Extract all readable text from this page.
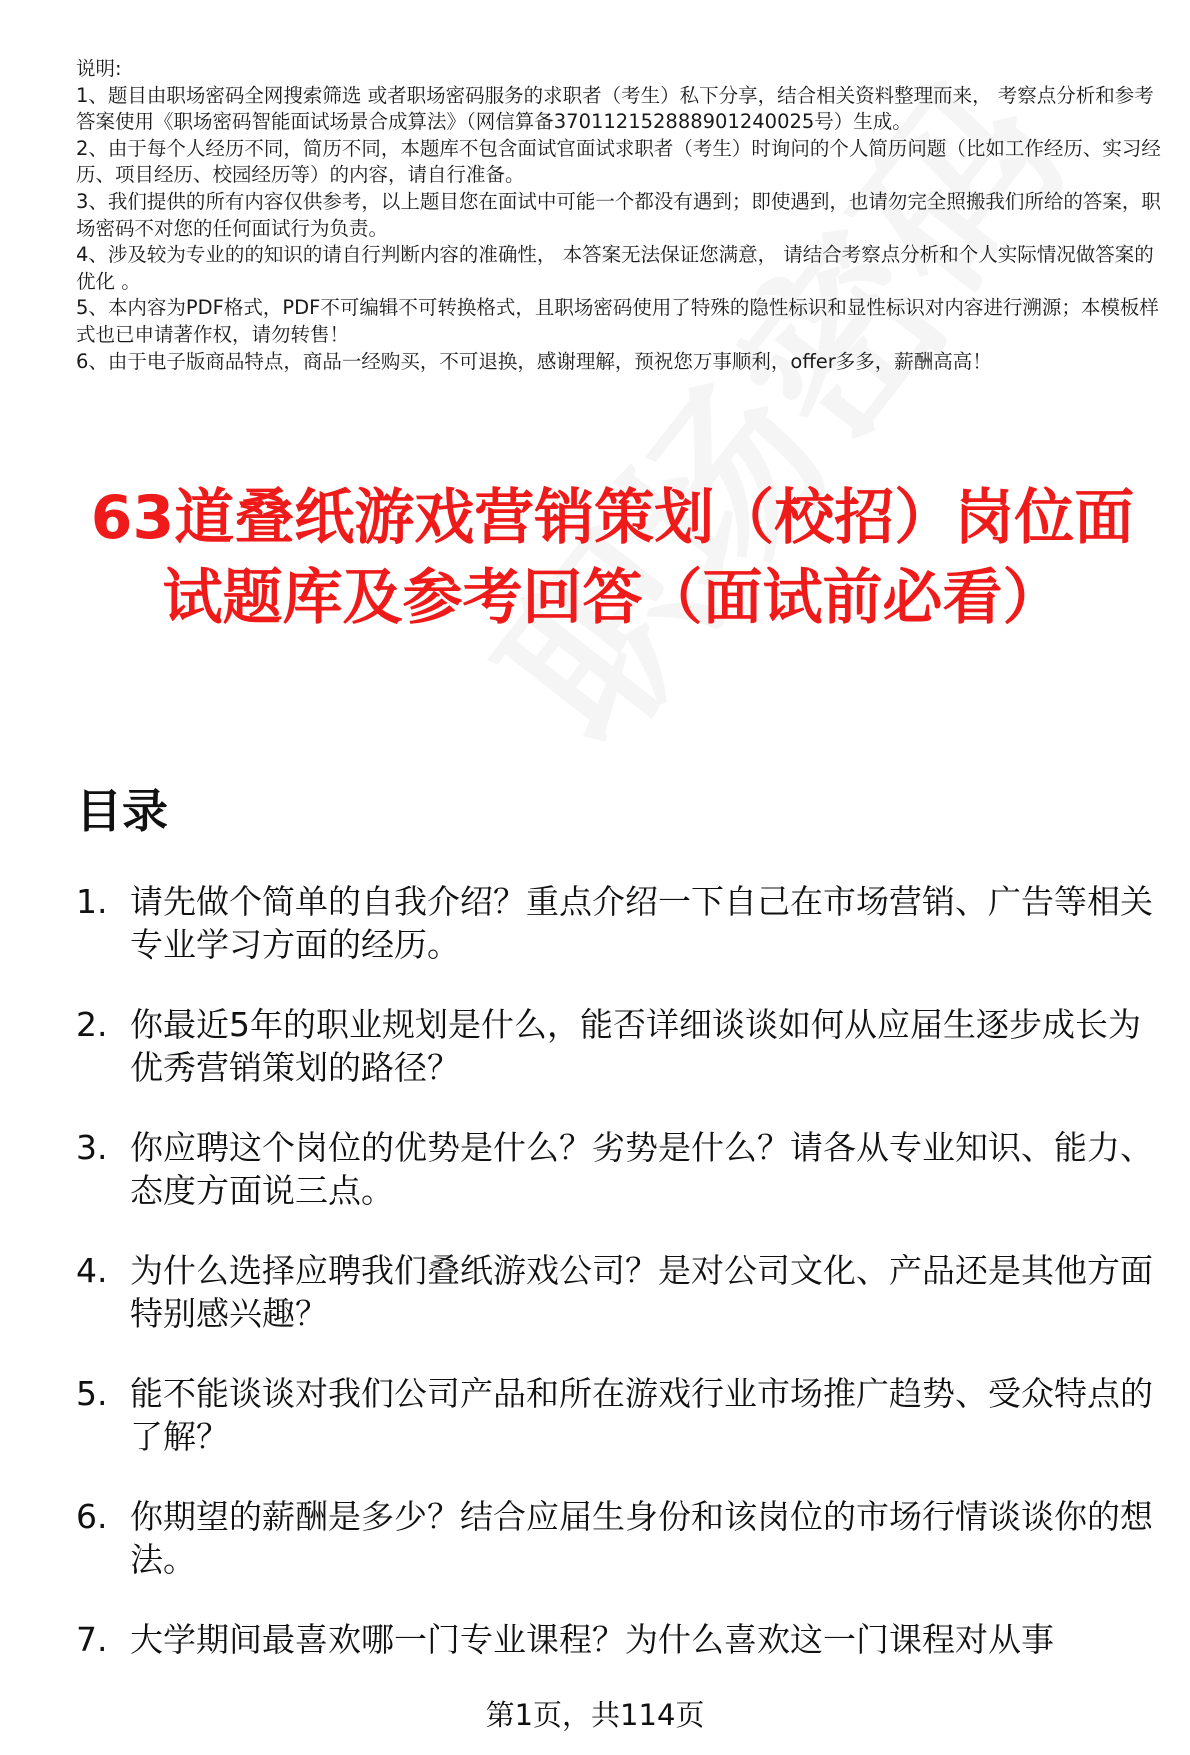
说明:

1、题目由职场密码全网搜索筛选 或者职场密码服务的求职者（考生）私下分享，结合相关资料整理而来， 考察点分析和参考答案使用《职场密码智能面试场景合成算法》（网信算备370112152888901240025号）生成。

2、由于每个人经历不同，简历不同，本题库不包含面试官面试求职者（考生）时询问的个人简历问题（比如工作经历、实习经历、项目经历、校园经历等）的内容，请自行准备。

3、我们提供的所有内容仅供参考，以上题目您在面试中可能一个都没有遇到；即使遇到，也请勿完全照搬我们所给的答案，职场密码不对您的任何面试行为负责。

4、涉及较为专业的的知识的请自行判断内容的准确性， 本答案无法保证您满意， 请结合考察点分析和个人实际情况做答案的优化 。

5、本内容为PDF格式，PDF不可编辑不可转换格式，且职场密码使用了特殊的隐性标识和显性标识对内容进行溯源；本模板样式也已申请著作权，请勿转售！

6、由于电子版商品特点，商品一经购买，不可退换，感谢理解，预祝您万事顺利，offer多多，薪酬高高！

63道叠纸游戏营销策划（校招）岗位面试题库及参考回答（面试前必看）
目录
1. 请先做个简单的自我介绍？重点介绍一下自己在市场营销、广告等相关专业学习方面的经历。
2. 你最近5年的职业规划是什么，能否详细谈谈如何从应届生逐步成长为优秀营销策划的路径？
3. 你应聘这个岗位的优势是什么？劣势是什么？请各从专业知识、能力、态度方面说三点。
4. 为什么选择应聘我们叠纸游戏公司？是对公司文化、产品还是其他方面特别感兴趣？
5. 能不能谈谈对我们公司产品和所在游戏行业市场推广趋势、受众特点的了解？
6. 你期望的薪酬是多少？结合应届生身份和该岗位的市场行情谈谈你的想法。
7. 大学期间最喜欢哪一门专业课程？为什么喜欢这一门课程对从事
第1页，共114页
